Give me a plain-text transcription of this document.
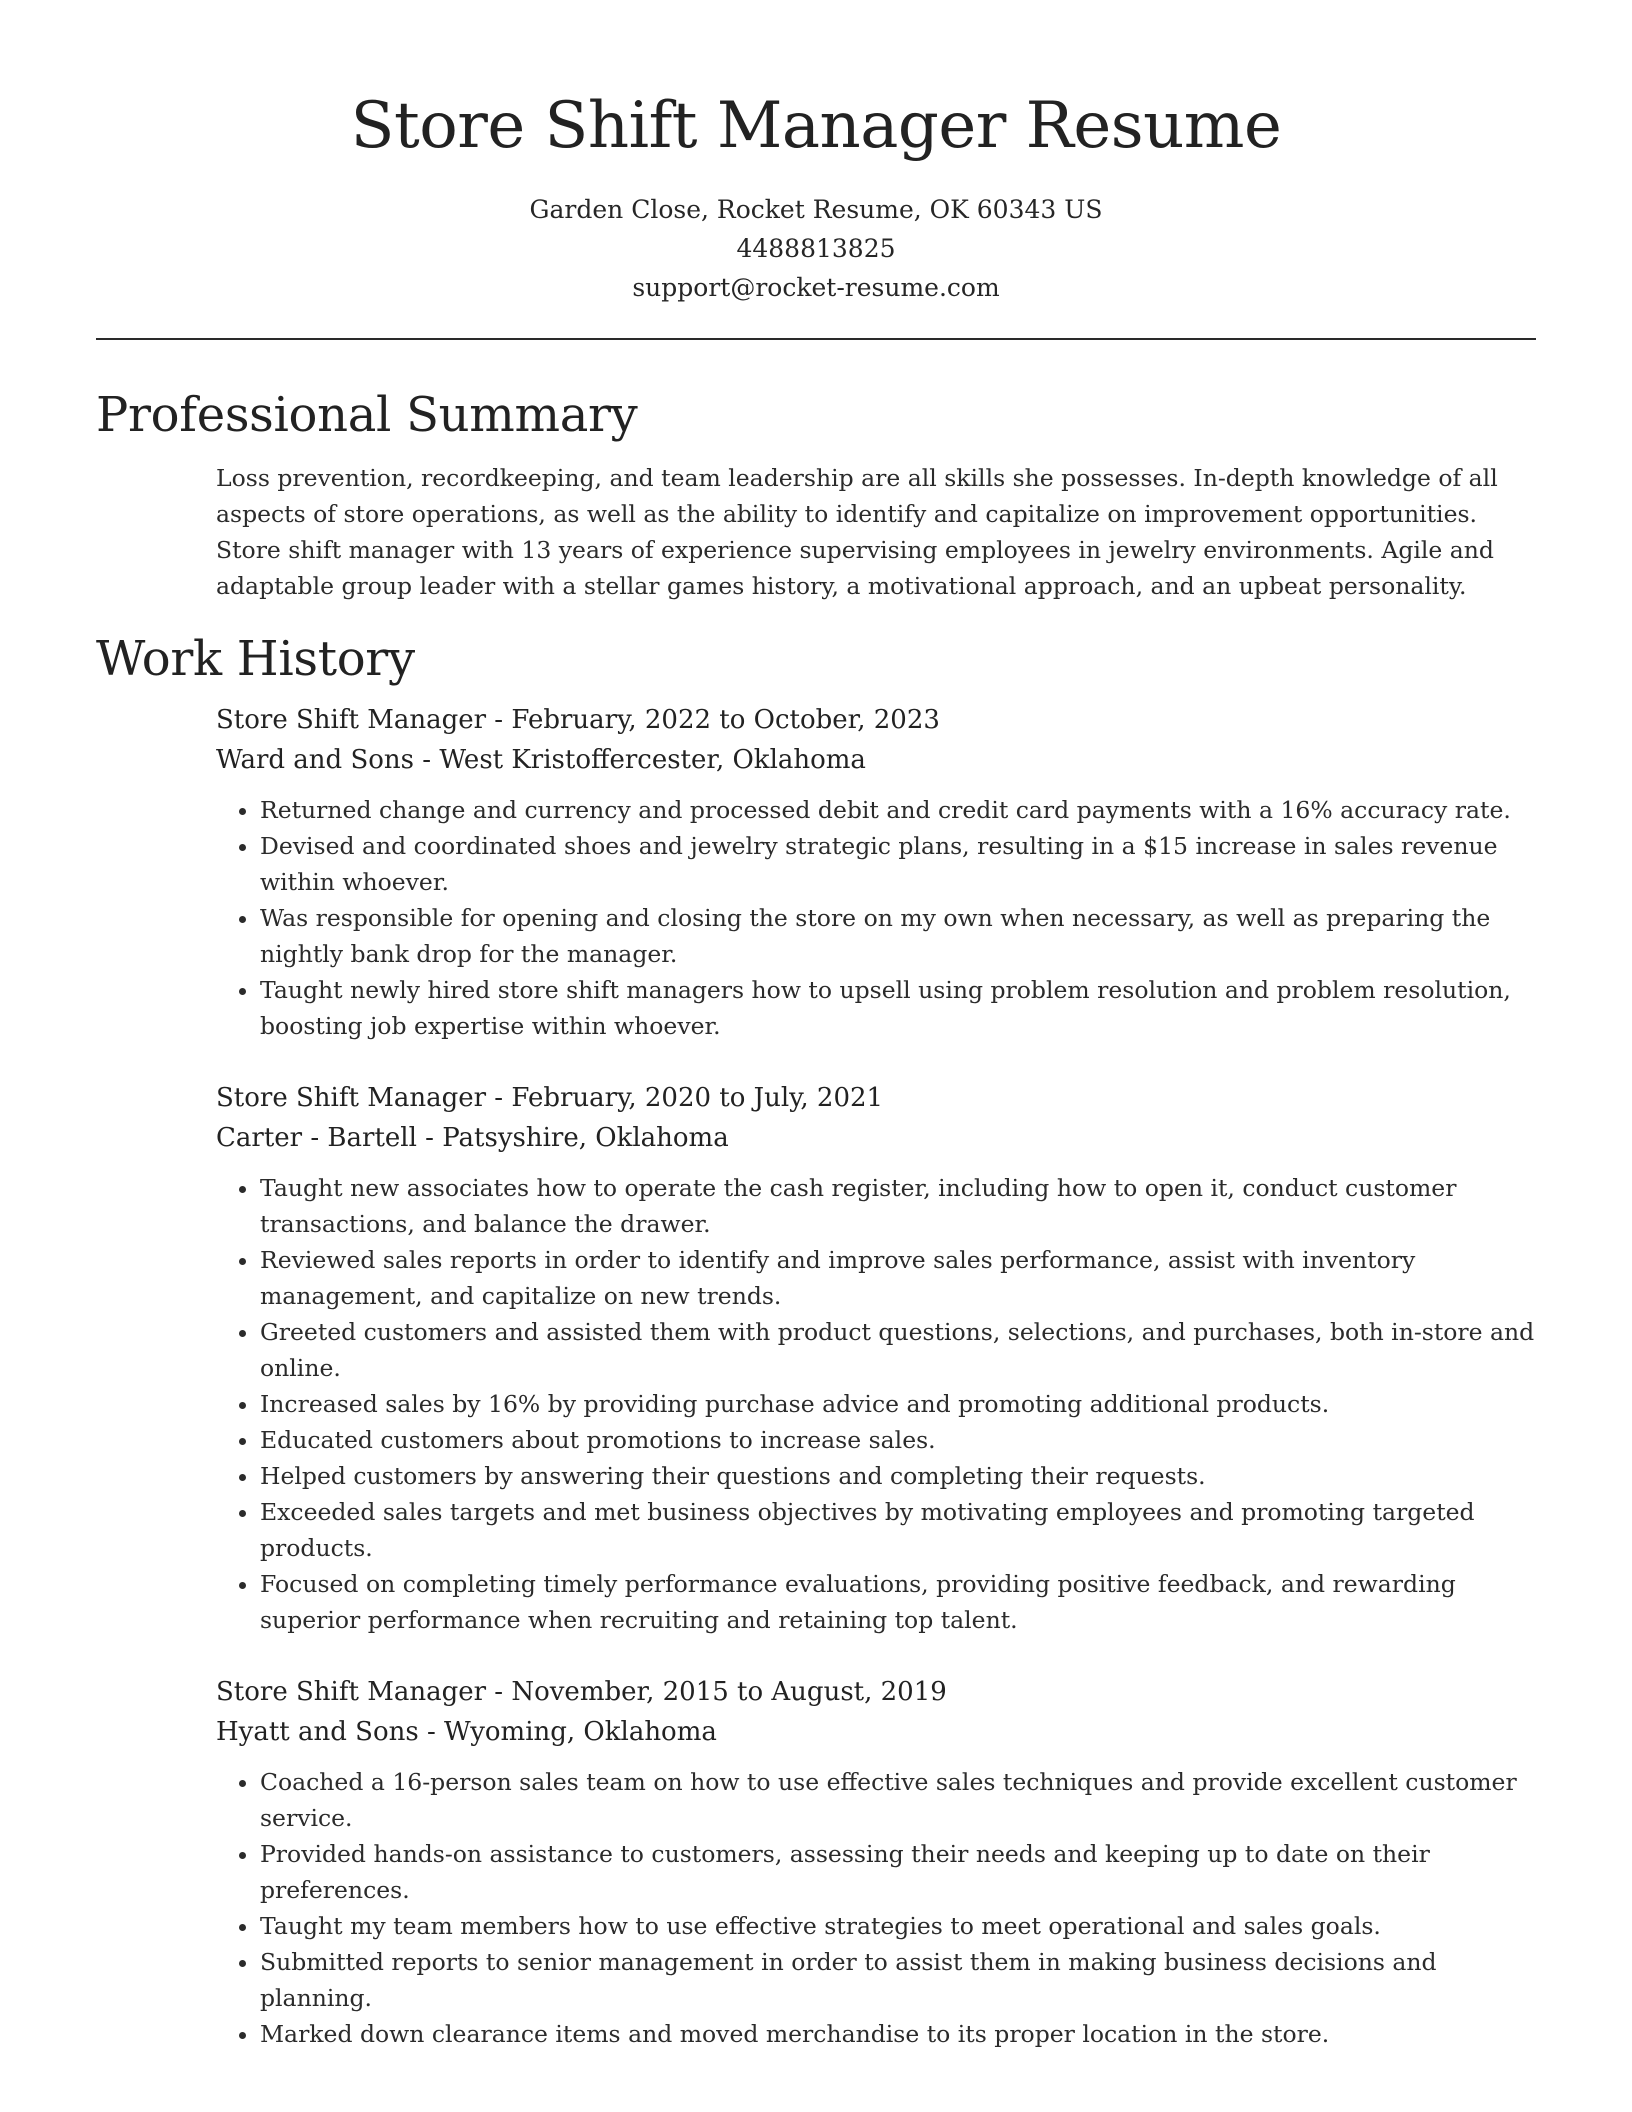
Store Shift Manager Resume
Garden Close, Rocket Resume, OK 60343 US
4488813825
support@rocket-resume.com
Professional Summary

Loss prevention, recordkeeping, and team leadership are all skills she possesses. In-depth knowledge of all aspects of store operations, as well as the ability to identify and capitalize on improvement opportunities. Store shift manager with 13 years of experience supervising employees in jewelry environments. Agile and adaptable group leader with a stellar games history, a motivational approach, and an upbeat personality.

Work History
Store Shift Manager - February, 2022 to October, 2023
Ward and Sons - West Kristoffercester, Oklahoma
• Returned change and currency and processed debit and credit card payments with a 16% accuracy rate.
• Devised and coordinated shoes and jewelry strategic plans, resulting in a $15 increase in sales revenue within whoever.
• Was responsible for opening and closing the store on my own when necessary, as well as preparing the nightly bank drop for the manager.
• Taught newly hired store shift managers how to upsell using problem resolution and problem resolution, boosting job expertise within whoever.
Store Shift Manager - February, 2020 to July, 2021
Carter - Bartell - Patsyshire, Oklahoma
• Taught new associates how to operate the cash register, including how to open it, conduct customer transactions, and balance the drawer.
• Reviewed sales reports in order to identify and improve sales performance, assist with inventory management, and capitalize on new trends.
• Greeted customers and assisted them with product questions, selections, and purchases, both in-store and online.
• Increased sales by 16% by providing purchase advice and promoting additional products.
• Educated customers about promotions to increase sales.
• Helped customers by answering their questions and completing their requests.
• Exceeded sales targets and met business objectives by motivating employees and promoting targeted products.
• Focused on completing timely performance evaluations, providing positive feedback, and rewarding superior performance when recruiting and retaining top talent.
Store Shift Manager - November, 2015 to August, 2019
Hyatt and Sons - Wyoming, Oklahoma
• Coached a 16-person sales team on how to use effective sales techniques and provide excellent customer service.
• Provided hands-on assistance to customers, assessing their needs and keeping up to date on their preferences.
• Taught my team members how to use effective strategies to meet operational and sales goals.
• Submitted reports to senior management in order to assist them in making business decisions and planning.
• Marked down clearance items and moved merchandise to its proper location in the store.
